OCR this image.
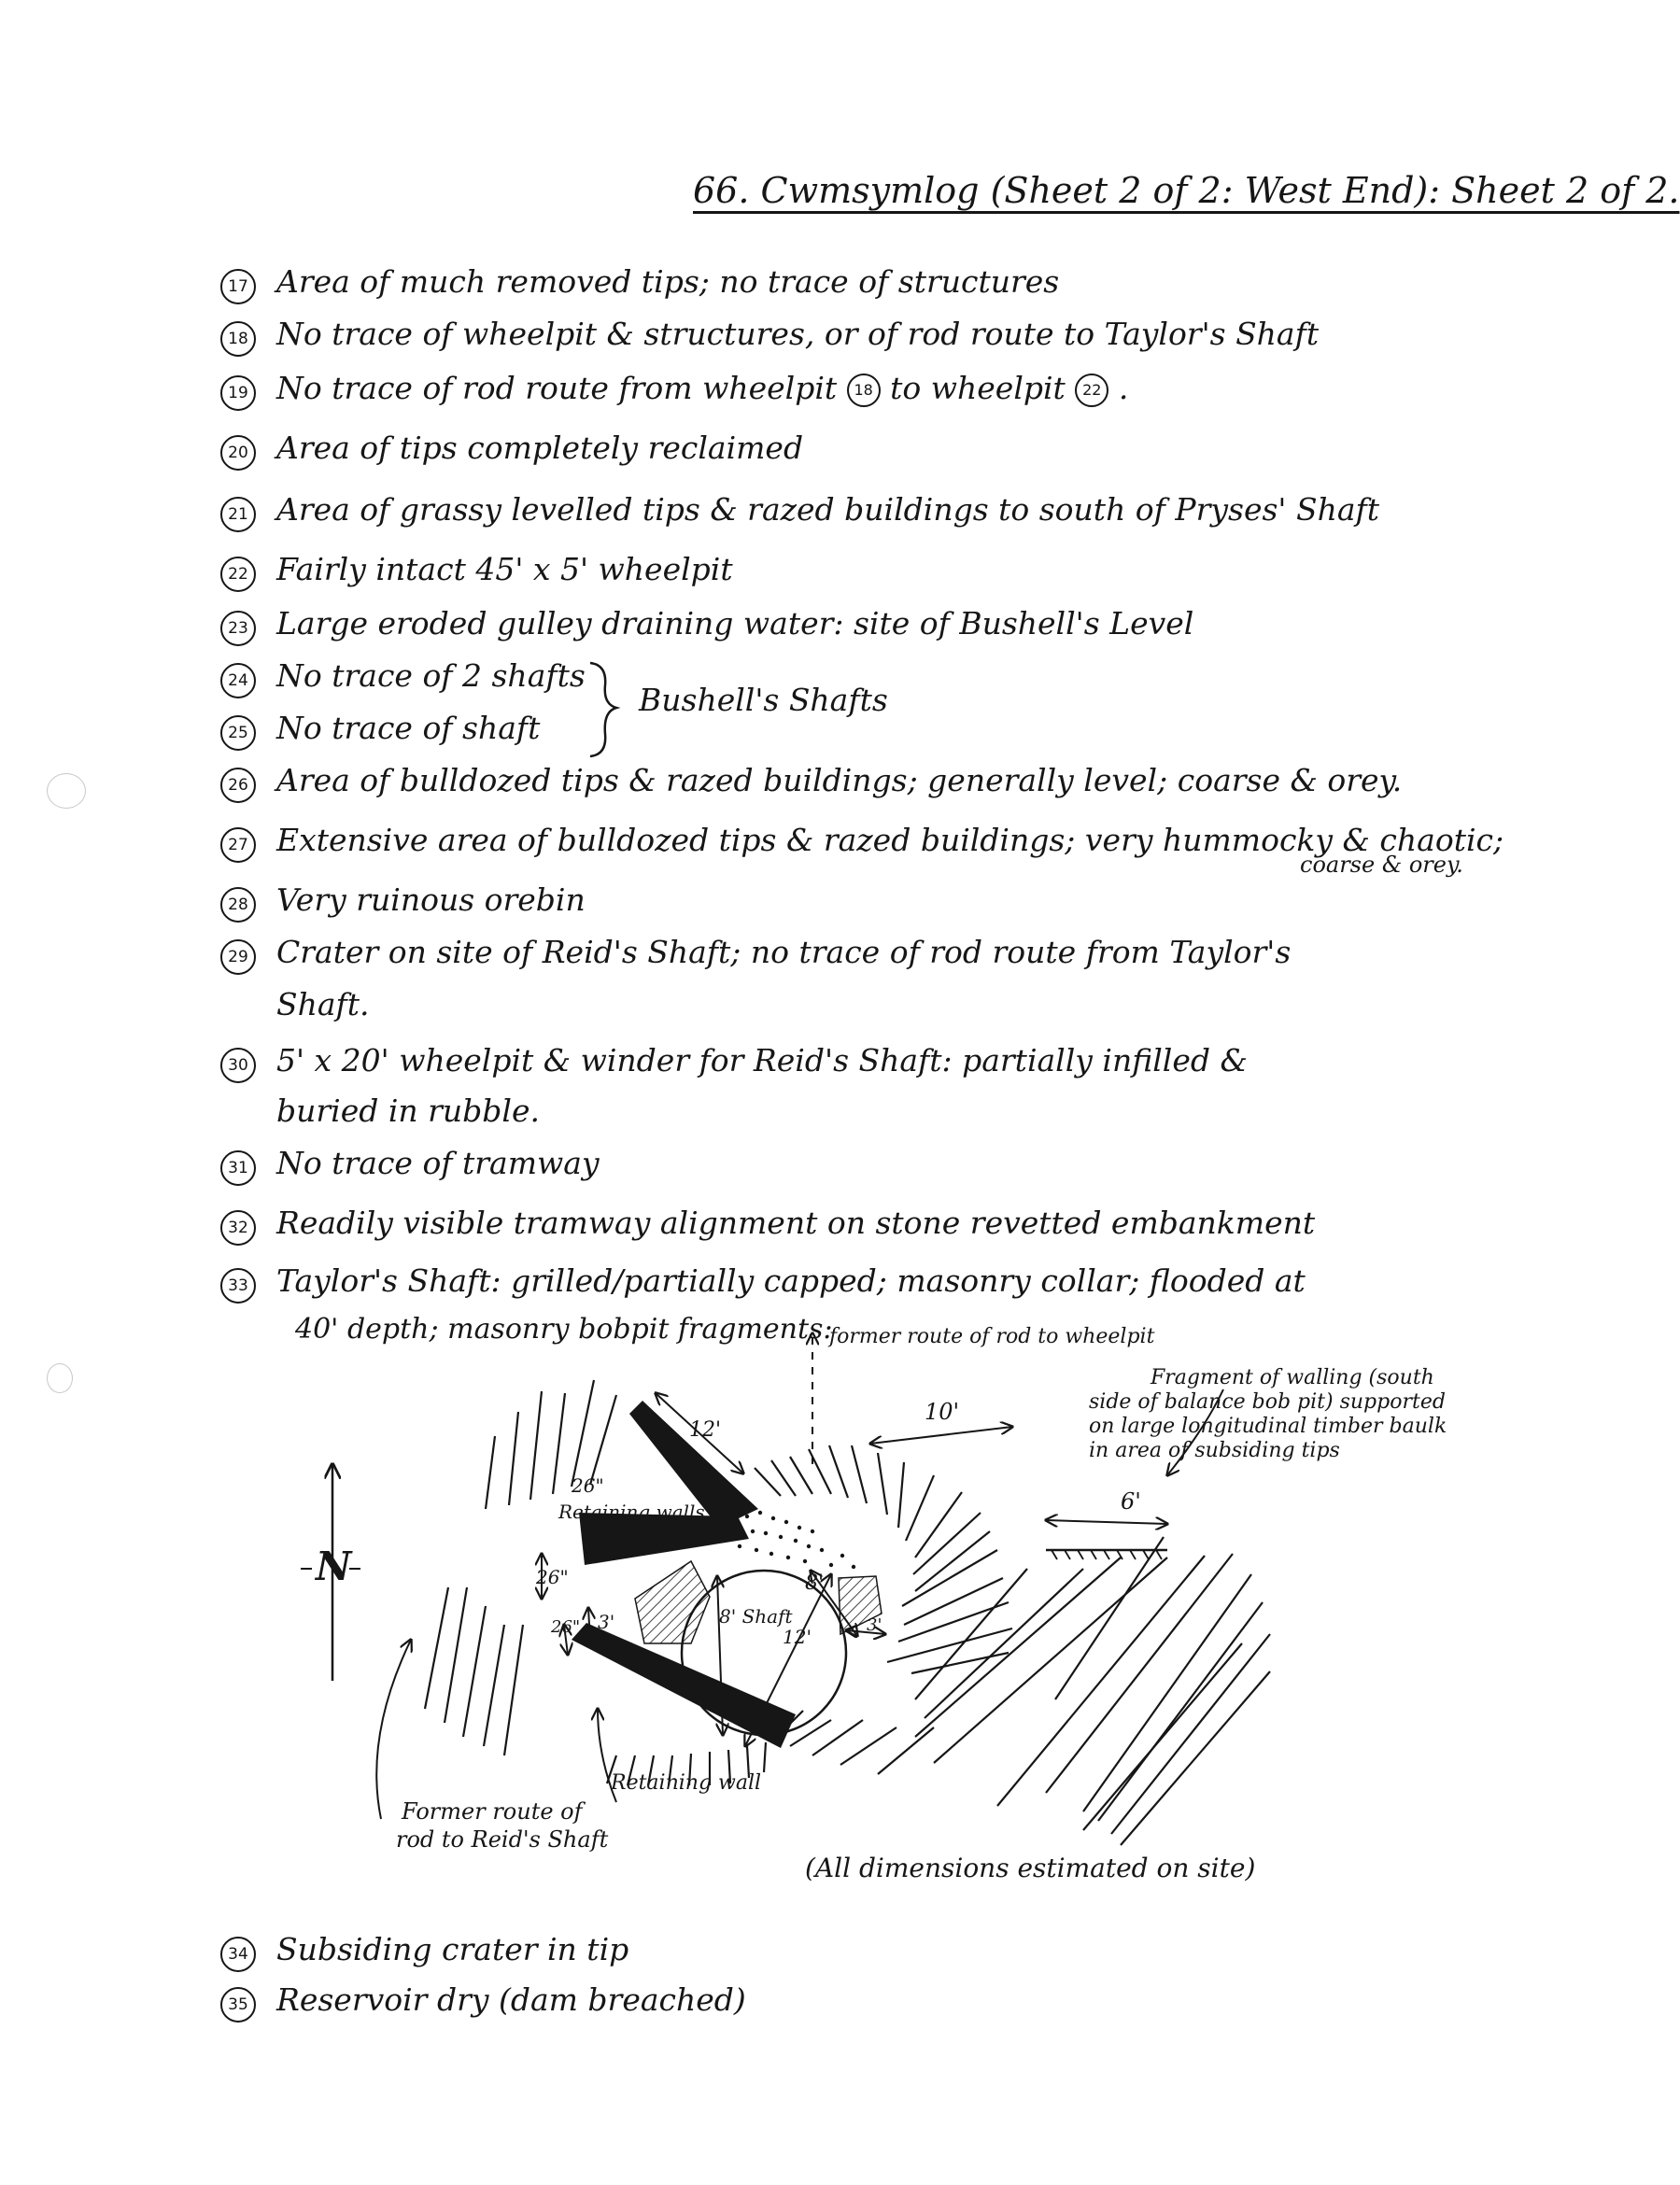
66. Cwmsymlog (Sheet 2 of 2: West End): Sheet 2 of 2.
17 Area of much removed tips; no trace of structures
18 No trace of wheelpit & structures, or of rod route to Taylor's Shaft
19 No trace of rod route from wheelpit 18 to wheelpit 22 .
20 Area of tips completely reclaimed
21 Area of grassy levelled tips & razed buildings to south of Pryses' Shaft
22 Fairly intact 45' x 5' wheelpit
23 Large eroded gulley draining water: site of Bushell's Level
24 No trace of 2 shafts
25 No trace of shaft
Bushell's Shafts
26 Area of bulldozed tips & razed buildings; generally level; coarse & orey.
27 Extensive area of bulldozed tips & razed buildings; very hummocky & chaotic;
coarse & orey.
28 Very ruinous orebin
29 Crater on site of Reid's Shaft; no trace of rod route from Taylor's
Shaft.
30 5' x 20' wheelpit & winder for Reid's Shaft: partially infilled &
buried in rubble.
31 No trace of tramway
32 Readily visible tramway alignment on stone revetted embankment
33 Taylor's Shaft: grilled/partially capped; masonry collar; flooded at
40' depth; masonry bobpit fragments:
34 Subsiding crater in tip
35 Reservoir dry (dam breached)
N
former route of rod to wheelpit
Fragment of walling (south
side of balance bob pit) supported
on large longitudinal timber baulk
in area of subsiding tips
12'
10'
6'
26"
Retaining walls
26"
26" 3'
8'
8' Shaft
12'
3'
Retaining wall
Former route of
rod to Reid's Shaft
(All dimensions estimated on site)
